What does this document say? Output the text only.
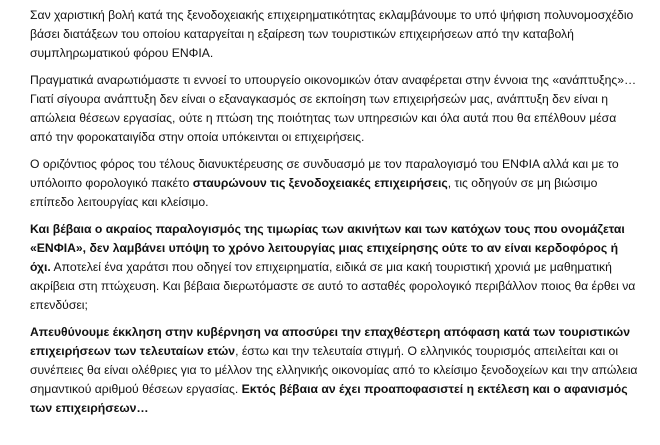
Σαν χαριστική βολή κατά της ξενοδοχειακής επιχειρηματικότητας εκλαμβάνουμε το υπό ψήφιση πολυνομοσχέδιο βάσει διατάξεων του οποίου καταργείται η εξαίρεση των τουριστικών επιχειρήσεων από την καταβολή συμπληρωματικού φόρου ΕΝΦΙΑ.

Πραγματικά αναρωτιόμαστε τι εννοεί το υπουργείο οικονομικών όταν αναφέρεται στην έννοια της «ανάπτυξης»… Γιατί σίγουρα ανάπτυξη δεν είναι ο εξαναγκασμός σε εκποίηση των επιχειρήσεών μας, ανάπτυξη δεν είναι η απώλεια θέσεων εργασίας, ούτε η πτώση της ποιότητας των υπηρεσιών και όλα αυτά που θα επέλθουν μέσα από την φοροκαταιγίδα στην οποία υπόκεινται οι επιχειρήσεις.

Ο οριζόντιος φόρος του τέλους διανυκτέρευσης σε συνδυασμό με τον παραλογισμό του ΕΝΦΙΑ αλλά και με το υπόλοιπο φορολογικό πακέτο σταυρώνουν τις ξενοδοχειακές επιχειρήσεις, τις οδηγούν σε μη βιώσιμο επίπεδο λειτουργίας και κλείσιμο.

Και βέβαια ο ακραίος παραλογισμός της τιμωρίας των ακινήτων και των κατόχων τους που ονομάζεται «ΕΝΦΙΑ», δεν λαμβάνει υπόψη το χρόνο λειτουργίας μιας επιχείρησης ούτε το αν είναι κερδοφόρος ή όχι. Αποτελεί ένα χαράτσι που οδηγεί τον επιχειρηματία, ειδικά σε μια κακή τουριστική χρονιά με μαθηματική ακρίβεια στη πτώχευση. Και βέβαια διερωτόμαστε σε αυτό το ασταθές φορολογικό περιβάλλον ποιος θα έρθει να επενδύσει;

Απευθύνουμε έκκληση στην κυβέρνηση να αποσύρει την επαχθέστερη απόφαση κατά των τουριστικών επιχειρήσεων των τελευταίων ετών, έστω και την τελευταία στιγμή. Ο ελληνικός τουρισμός απειλείται και οι συνέπειες θα είναι ολέθριες για το μέλλον της ελληνικής οικονομίας από το κλείσιμο ξενοδοχείων και την απώλεια σημαντικού αριθμού θέσεων εργασίας. Εκτός βέβαια αν έχει προαποφασιστεί η εκτέλεση και ο αφανισμός των επιχειρήσεων…
